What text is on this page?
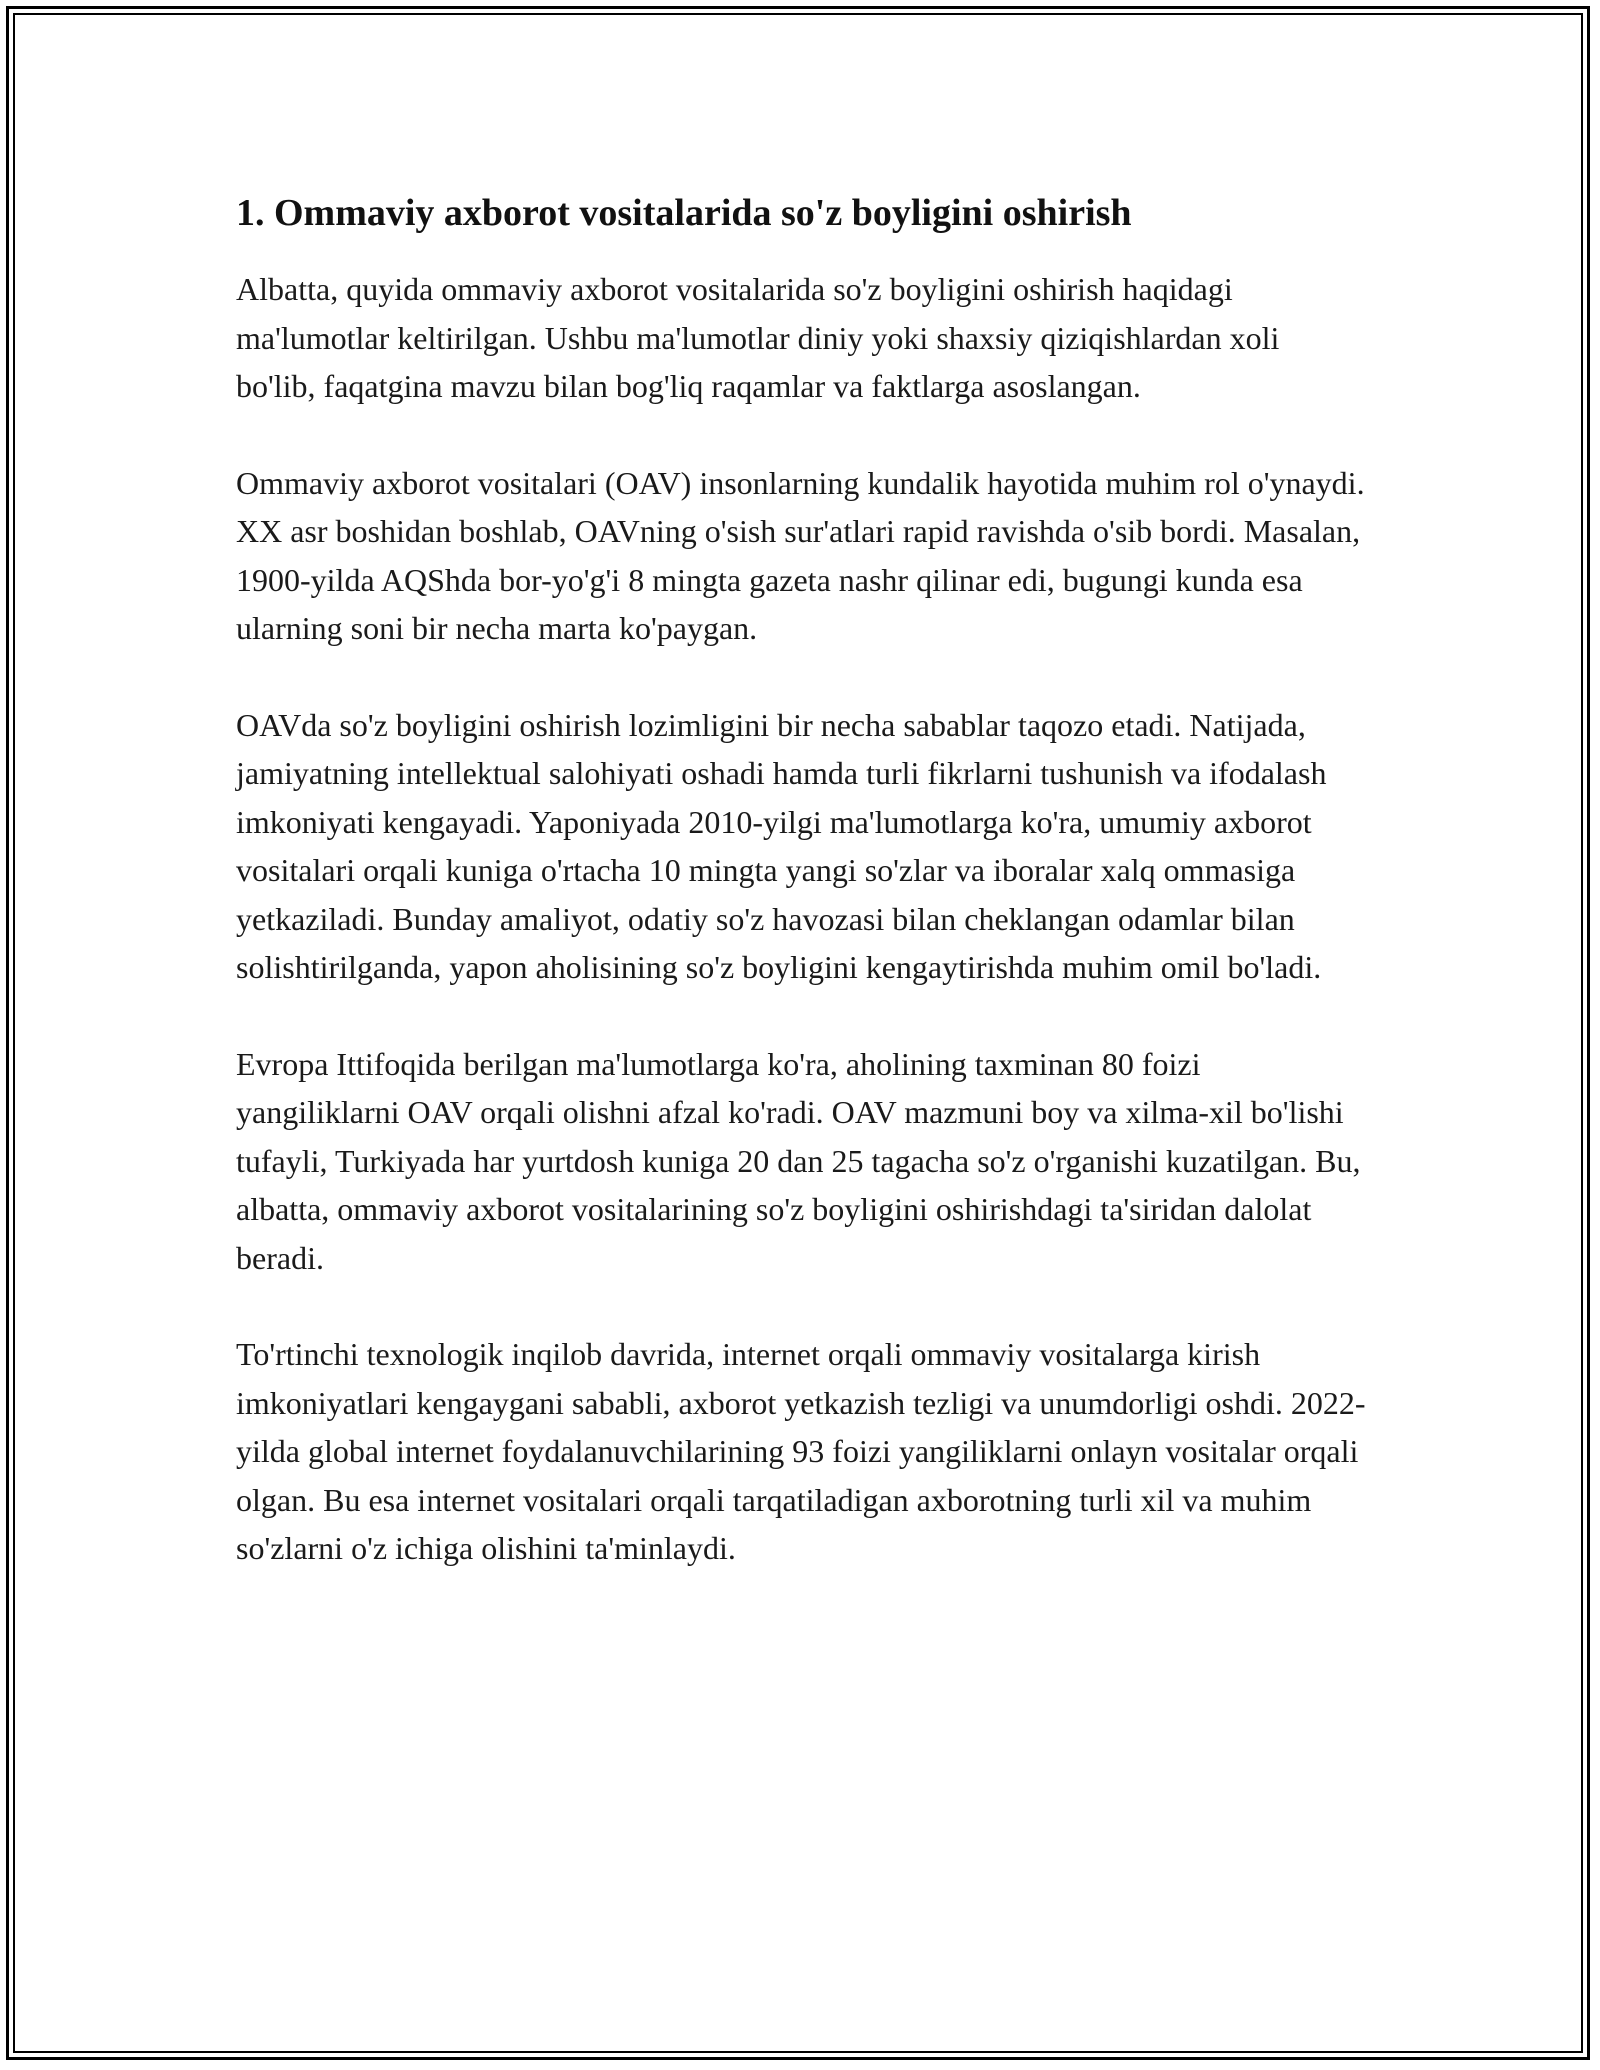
1. Ommaviy axborot vositalarida so'z boyligini oshirish

Albatta, quyida ommaviy axborot vositalarida so'z boyligini oshirish haqidagi ma'lumotlar keltirilgan. Ushbu ma'lumotlar diniy yoki shaxsiy qiziqishlardan xoli bo'lib, faqatgina mavzu bilan bog'liq raqamlar va faktlarga asoslangan.

Ommaviy axborot vositalari (OAV) insonlarning kundalik hayotida muhim rol o'ynaydi. XX asr boshidan boshlab, OAVning o'sish sur'atlari rapid ravishda o'sib bordi. Masalan, 1900-yilda AQShda bor-yo'g'i 8 mingta gazeta nashr qilinar edi, bugungi kunda esa ularning soni bir necha marta ko'paygan.

OAVda so'z boyligini oshirish lozimligini bir necha sabablar taqozo etadi. Natijada, jamiyatning intellektual salohiyati oshadi hamda turli fikrlarni tushunish va ifodalash imkoniyati kengayadi. Yaponiyada 2010-yilgi ma'lumotlarga ko'ra, umumiy axborot vositalari orqali kuniga o'rtacha 10 mingta yangi so'zlar va iboralar xalq ommasiga yetkaziladi. Bunday amaliyot, odatiy so'z havozasi bilan cheklangan odamlar bilan solishtirilganda, yapon aholisining so'z boyligini kengaytirishda muhim omil bo'ladi.

Evropa Ittifoqida berilgan ma'lumotlarga ko'ra, aholining taxminan 80 foizi yangiliklarni OAV orqali olishni afzal ko'radi. OAV mazmuni boy va xilma-xil bo'lishi tufayli, Turkiyada har yurtdosh kuniga 20 dan 25 tagacha so'z o'rganishi kuzatilgan. Bu, albatta, ommaviy axborot vositalarining so'z boyligini oshirishdagi ta'siridan dalolat beradi.

To'rtinchi texnologik inqilob davrida, internet orqali ommaviy vositalarga kirish imkoniyatlari kengaygani sababli, axborot yetkazish tezligi va unumdorligi oshdi. 2022-yilda global internet foydalanuvchilarining 93 foizi yangiliklarni onlayn vositalar orqali olgan. Bu esa internet vositalari orqali tarqatiladigan axborotning turli xil va muhim so'zlarni o'z ichiga olishini ta'minlaydi.
